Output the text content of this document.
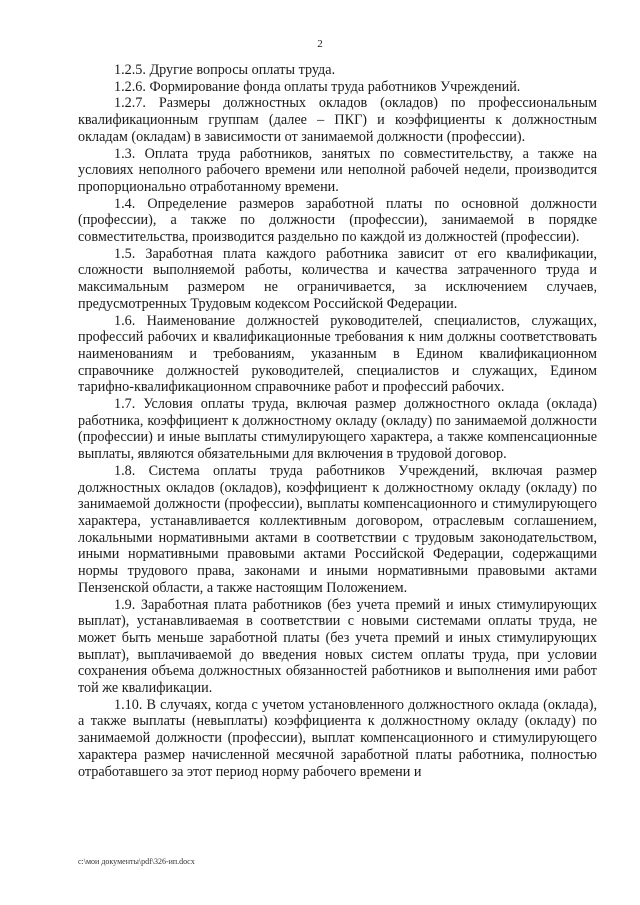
2

1.2.5. Другие вопросы оплаты труда.

1.2.6. Формирование фонда оплаты труда работников Учреждений.

1.2.7. Размеры должностных окладов (окладов) по профессиональным квалификационным группам (далее – ПКГ) и коэффициенты к должностным окладам (окладам) в зависимости от занимаемой должности (профессии).

1.3. Оплата труда работников, занятых по совместительству, а также на условиях неполного рабочего времени или неполной рабочей недели, производится пропорционально отработанному времени.

1.4. Определение размеров заработной платы по основной должности (профессии), а также по должности (профессии), занимаемой в порядке совместительства, производится раздельно по каждой из должностей (профессии).

1.5. Заработная плата каждого работника зависит от его квалификации, сложности выполняемой работы, количества и качества затраченного труда и максимальным размером не ограничивается, за исключением случаев, предусмотренных Трудовым кодексом Российской Федерации.

1.6. Наименование должностей руководителей, специалистов, служащих, профессий рабочих и квалификационные требования к ним должны соответствовать наименованиям и требованиям, указанным в Едином квалификационном справочнике должностей руководителей, специалистов и служащих, Едином тарифно-квалификационном справочнике работ и профессий рабочих.

1.7. Условия оплаты труда, включая размер должностного оклада (оклада) работника, коэффициент к должностному окладу (окладу) по занимаемой должности (профессии) и иные выплаты стимулирующего характера, а также компенсационные выплаты, являются обязательными для включения в трудовой договор.

1.8. Система оплаты труда работников Учреждений, включая размер должностных окладов (окладов), коэффициент к должностному окладу (окладу) по занимаемой должности (профессии), выплаты компенсационного и стимулирующего характера, устанавливается коллективным договором, отраслевым соглашением, локальными нормативными актами в соответствии с трудовым законодательством, иными нормативными правовыми актами Российской Федерации, содержащими нормы трудового права, законами и иными нормативными правовыми актами Пензенской области, а также настоящим Положением.

1.9. Заработная плата работников (без учета премий и иных стимулирующих выплат), устанавливаемая в соответствии с новыми системами оплаты труда, не может быть меньше заработной платы (без учета премий и иных стимулирующих выплат), выплачиваемой до введения новых систем оплаты труда, при условии сохранения объема должностных обязанностей работников и выполнения ими работ той же квалификации.

1.10. В случаях, когда с учетом установленного должностного оклада (оклада), а также выплаты (невыплаты) коэффициента к должностному окладу (окладу) по занимаемой должности (профессии), выплат компенсационного и стимулирующего характера размер начисленной месячной заработной платы работника, полностью отработавшего за этот период норму рабочего времени и

c:\мои документы\pdf\326-ип.docx
